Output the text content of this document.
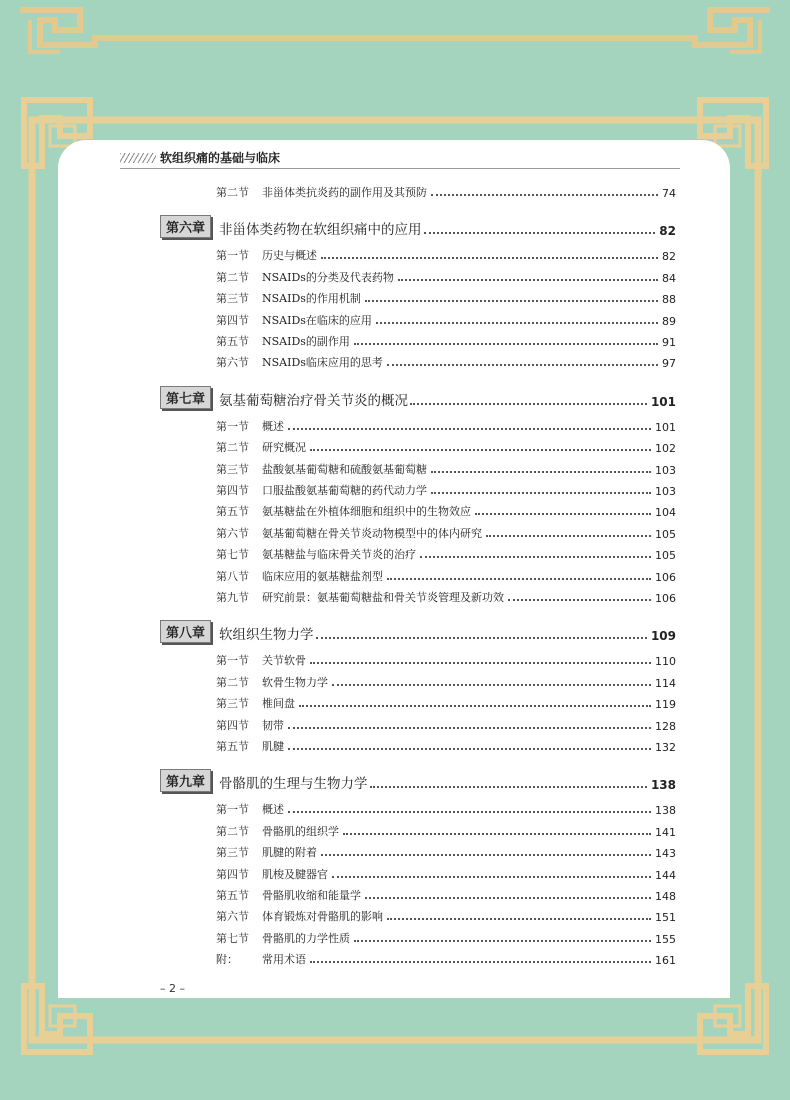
软组织痛的基础与临床
第二节	非甾体类抗炎药的副作用及其预防	74
第六章	非甾体类药物在软组织痛中的应用	82
第一节	历史与概述	82
第二节	NSAIDs的分类及代表药物	84
第三节	NSAIDs的作用机制	88
第四节	NSAIDs在临床的应用	89
第五节	NSAIDs的副作用	91
第六节	NSAIDs临床应用的思考	97
第七章	氨基葡萄糖治疗骨关节炎的概况	101
第一节	概述	101
第二节	研究概况	102
第三节	盐酸氨基葡萄糖和硫酸氨基葡萄糖	103
第四节	口服盐酸氨基葡萄糖的药代动力学	103
第五节	氨基糖盐在外植体细胞和组织中的生物效应	104
第六节	氨基葡萄糖在骨关节炎动物模型中的体内研究	105
第七节	氨基糖盐与临床骨关节炎的治疗	105
第八节	临床应用的氨基糖盐剂型	106
第九节	研究前景：氨基葡萄糖盐和骨关节炎管理及新功效	106
第八章	软组织生物力学	109
第一节	关节软骨	110
第二节	软骨生物力学	114
第三节	椎间盘	119
第四节	韧带	128
第五节	肌腱	132
第九章	骨骼肌的生理与生物力学	138
第一节	概述	138
第二节	骨骼肌的组织学	141
第三节	肌腱的附着	143
第四节	肌梭及腱器官	144
第五节	骨骼肌收缩和能量学	148
第六节	体育锻炼对骨骼肌的影响	151
第七节	骨骼肌的力学性质	155
附：	常用术语	161
– 2 –
